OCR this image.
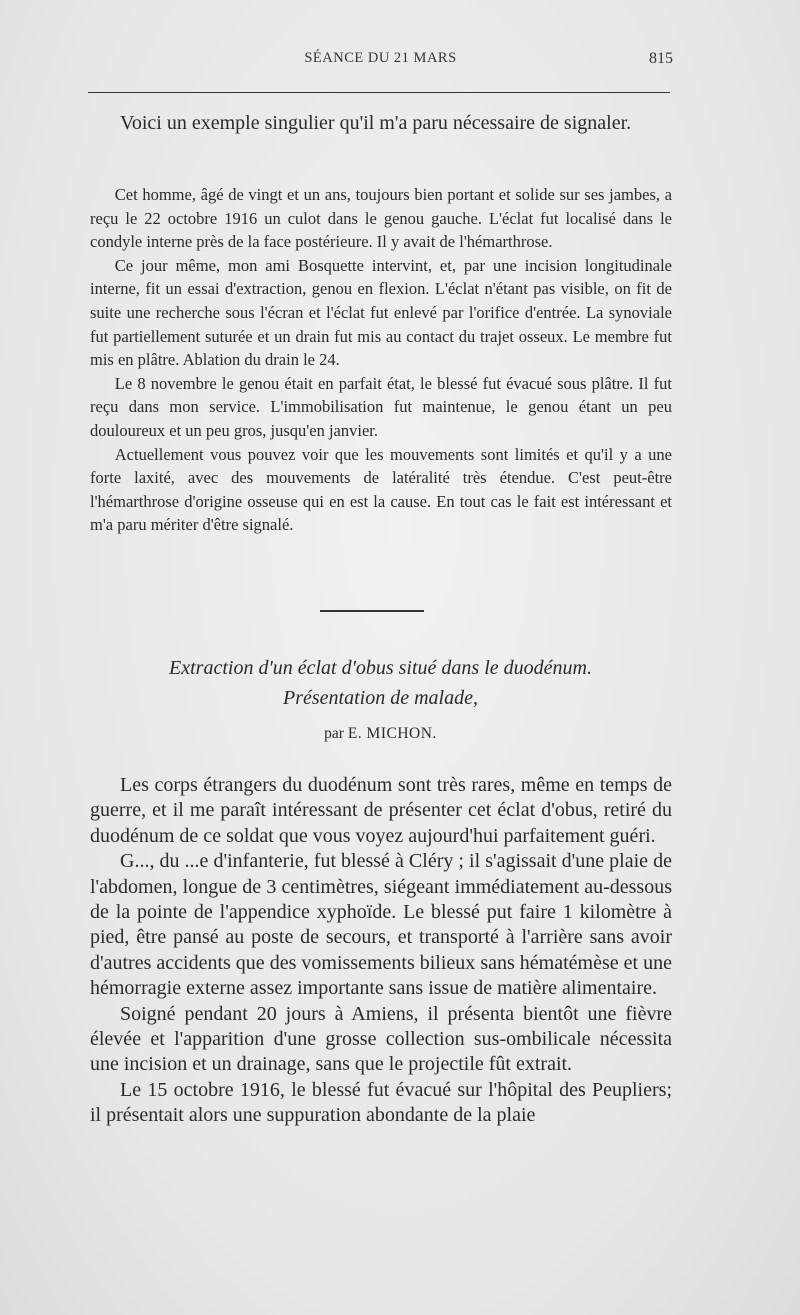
SÉANCE DU 21 MARS	815

Voici un exemple singulier qu'il m'a paru nécessaire de signaler.

Cet homme, âgé de vingt et un ans, toujours bien portant et solide sur ses jambes, a reçu le 22 octobre 1916 un culot dans le genou gauche. L'éclat fut localisé dans le condyle interne près de la face postérieure. Il y avait de l'hémarthrose.

Ce jour même, mon ami Bosquette intervint, et, par une incision longitudinale interne, fit un essai d'extraction, genou en flexion. L'éclat n'étant pas visible, on fit de suite une recherche sous l'écran et l'éclat fut enlevé par l'orifice d'entrée. La synoviale fut partiellement suturée et un drain fut mis au contact du trajet osseux. Le membre fut mis en plâtre. Ablation du drain le 24.

Le 8 novembre le genou était en parfait état, le blessé fut évacué sous plâtre. Il fut reçu dans mon service. L'immobilisation fut maintenue, le genou étant un peu douloureux et un peu gros, jusqu'en janvier.

Actuellement vous pouvez voir que les mouvements sont limités et qu'il y a une forte laxité, avec des mouvements de latéralité très étendue. C'est peut-être l'hémarthrose d'origine osseuse qui en est la cause. En tout cas le fait est intéressant et m'a paru mériter d'être signalé.

Extraction d'un éclat d'obus situé dans le duodénum.
Présentation de malade,
par E. MICHON.

Les corps étrangers du duodénum sont très rares, même en temps de guerre, et il me paraît intéressant de présenter cet éclat d'obus, retiré du duodénum de ce soldat que vous voyez aujourd'hui parfaitement guéri.

G..., du ...e d'infanterie, fut blessé à Cléry ; il s'agissait d'une plaie de l'abdomen, longue de 3 centimètres, siégeant immédiatement au-dessous de la pointe de l'appendice xyphoïde. Le blessé put faire 1 kilomètre à pied, être pansé au poste de secours, et transporté à l'arrière sans avoir d'autres accidents que des vomissements bilieux sans hématémèse et une hémorragie externe assez importante sans issue de matière alimentaire.

Soigné pendant 20 jours à Amiens, il présenta bientôt une fièvre élevée et l'apparition d'une grosse collection sus-ombilicale nécessita une incision et un drainage, sans que le projectile fût extrait.

Le 15 octobre 1916, le blessé fut évacué sur l'hôpital des Peupliers; il présentait alors une suppuration abondante de la plaie
